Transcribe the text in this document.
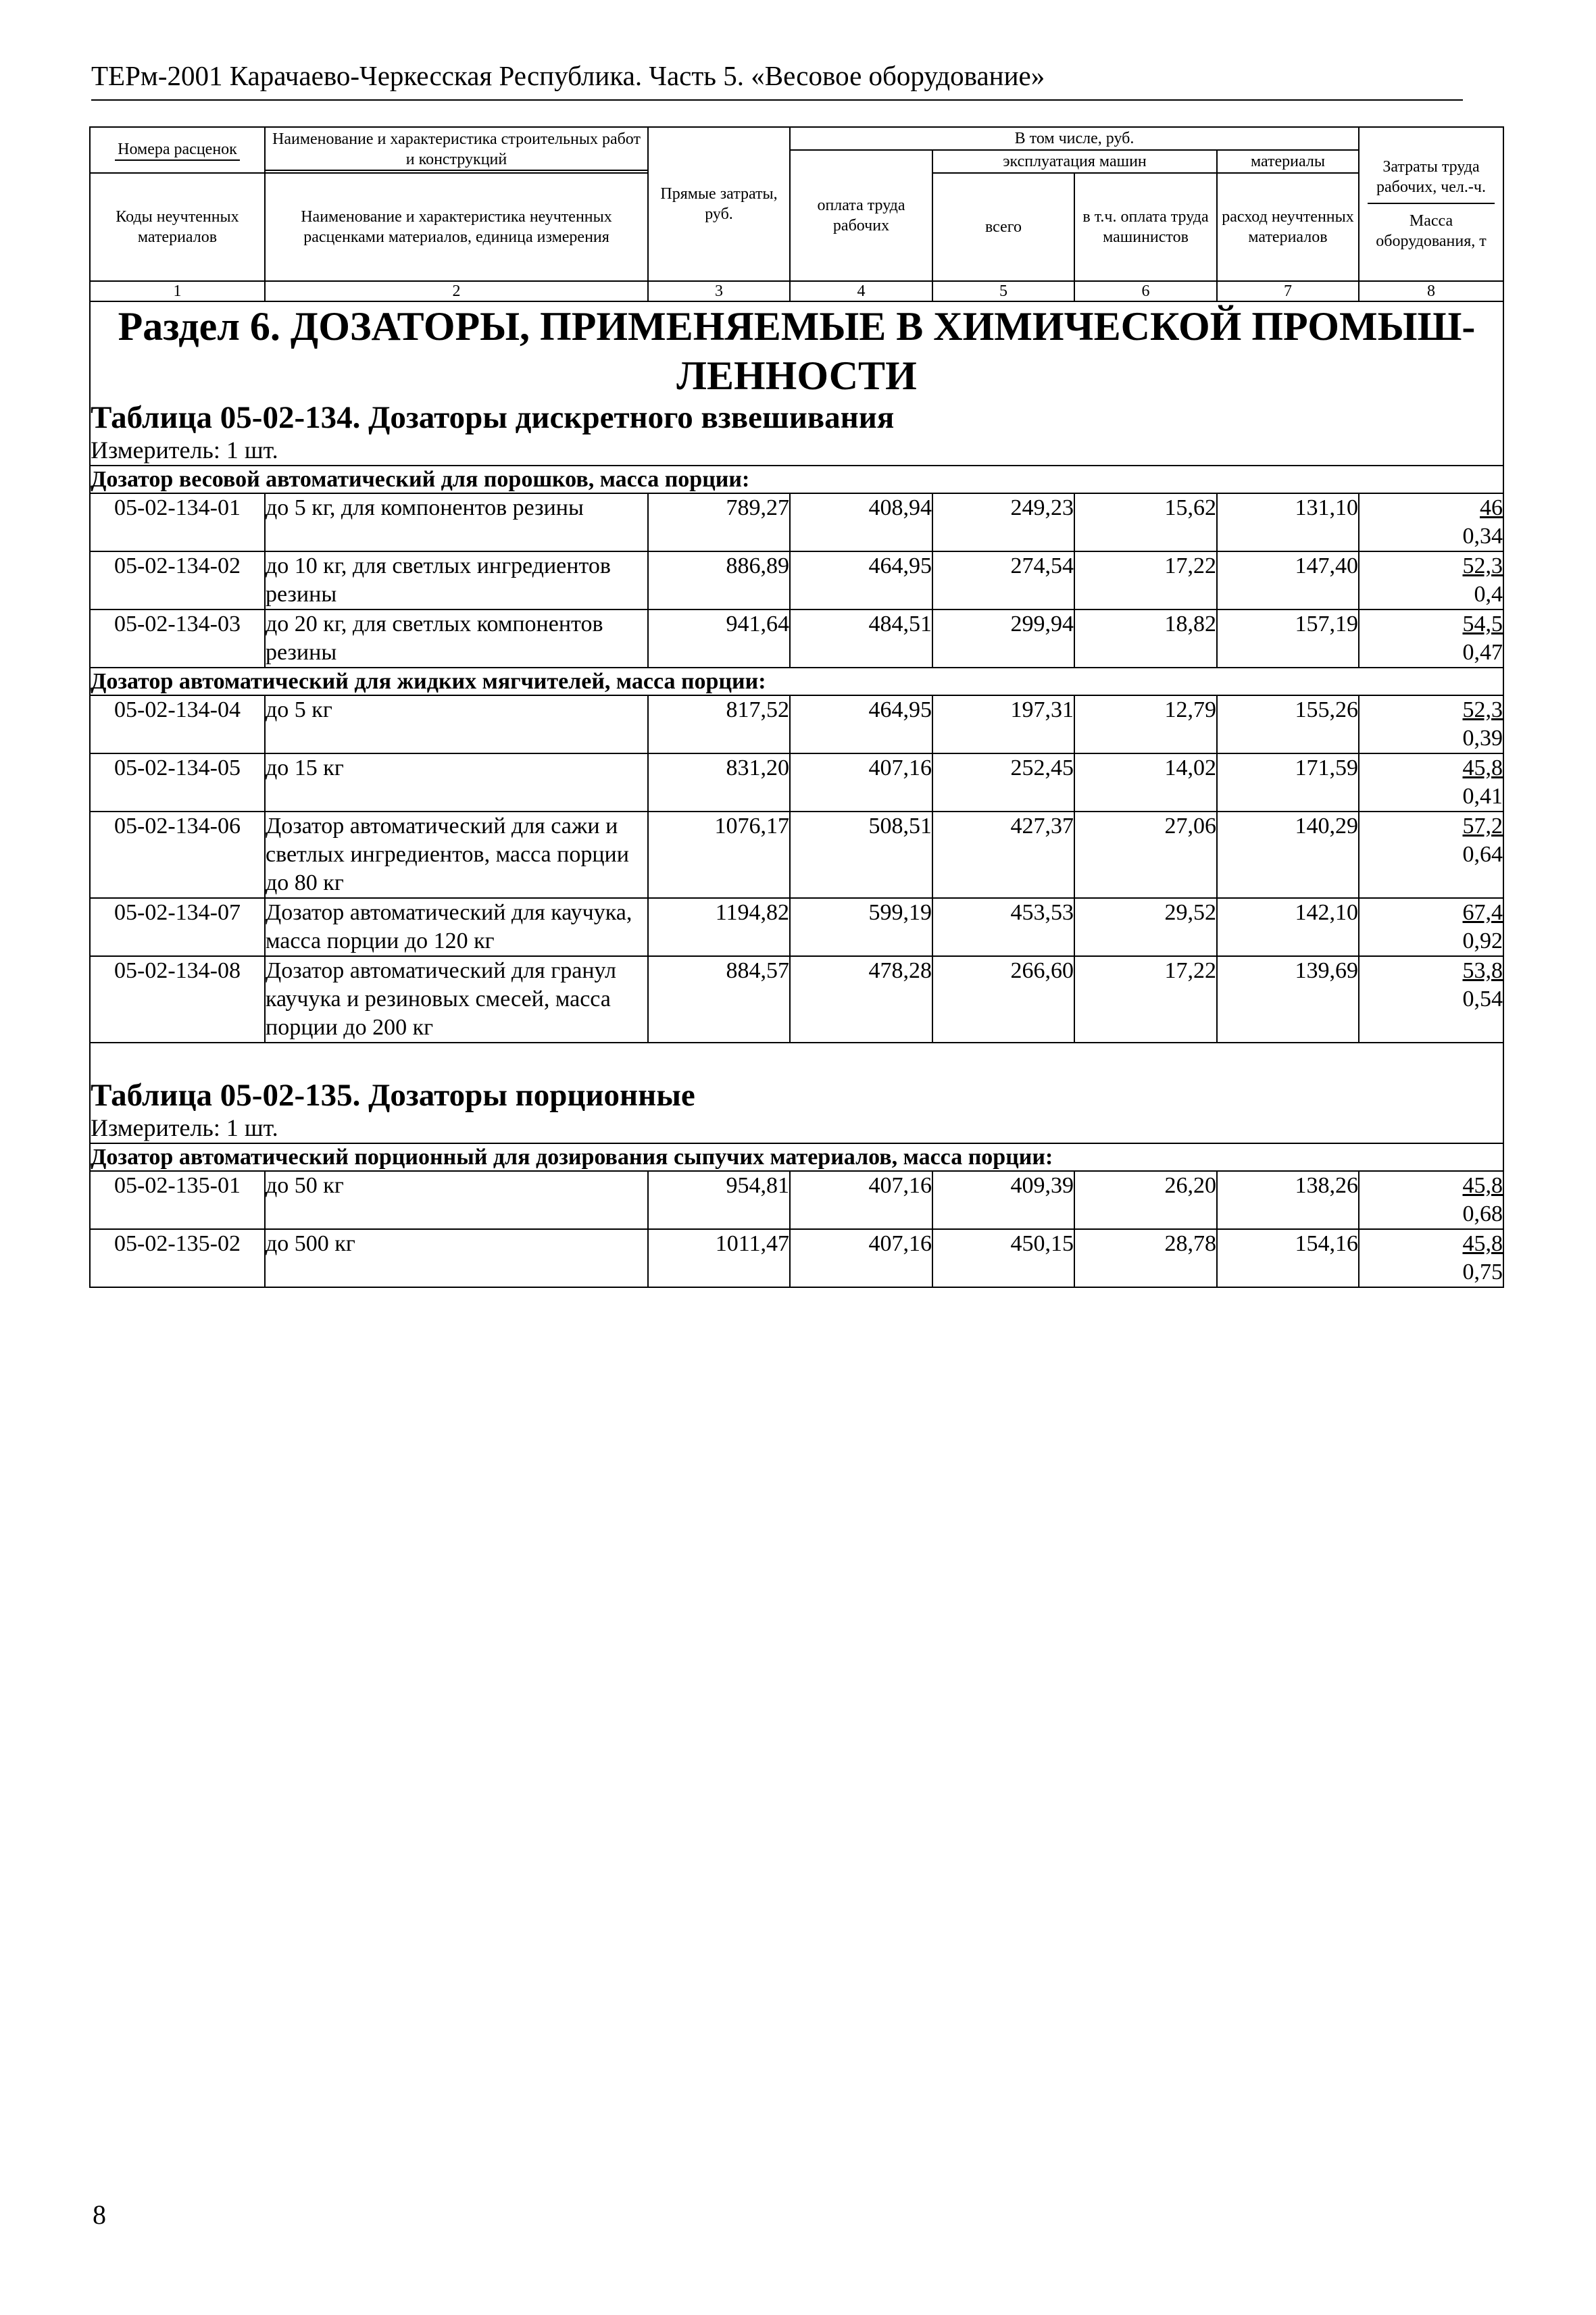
ТЕРм-2001 Карачаево-Черкесская Республика. Часть 5. «Весовое оборудование»
Номера расценок	Наименование и характеристика строительных работ и конструкций	Прямые затраты, руб.	В том числе, руб.				Затраты труда рабочих, чел.-ч.
Масса оборудования, т

			оплата труда рабочих	эксплуатация машин		материалы	
Коды неучтенных материалов	Наименование и характеристика неучтенных расценками материалов, единица измерения			всего	в т.ч. оплата труда машинистов	расход неучтенных материалов	

1	2	3	4	5	6	7	8
Раздел 6. ДОЗАТОРЫ, ПРИМЕНЯЕМЫЕ В ХИМИЧЕСКОЙ ПРОМЫШ-
ЛЕННОСТИ							
Таблица 05-02-134. Дозаторы дискретного взвешивания							
Измеритель: 1 шт.							
Дозатор весовой автоматический для порошков, масса порции:							
05-02-134-01	до 5 кг, для компонентов резины	789,27	408,94	249,23	15,62	131,10	46
0,34

05-02-134-02	до 10 кг, для светлых ингредиентов резины	886,89	464,95	274,54	17,22	147,40	52,3
0,4

05-02-134-03	до 20 кг, для светлых компонентов резины	941,64	484,51	299,94	18,82	157,19	54,5
0,47

Дозатор автоматический для жидких мягчителей, масса порции:							
05-02-134-04	до 5 кг	817,52	464,95	197,31	12,79	155,26	52,3
0,39

05-02-134-05	до 15 кг	831,20	407,16	252,45	14,02	171,59	45,8
0,41

05-02-134-06	Дозатор автоматический для сажи и светлых ингредиентов, масса порции до 80 кг	1076,17	508,51	427,37	27,06	140,29	57,2
0,64

05-02-134-07	Дозатор автоматический для каучука, масса порции до 120 кг	1194,82	599,19	453,53	29,52	142,10	67,4
0,92

05-02-134-08	Дозатор автоматический для гранул каучука и резиновых смесей, масса порции до 200 кг	884,57	478,28	266,60	17,22	139,69	53,8
0,54

Таблица 05-02-135. Дозаторы порционные							
Измеритель: 1 шт.							
Дозатор автоматический порционный для дозирования сыпучих материалов, масса порции:							
05-02-135-01	до 50 кг	954,81	407,16	409,39	26,20	138,26	45,8
0,68

05-02-135-02	до 500 кг	1011,47	407,16	450,15	28,78	154,16	45,8
0,75
8
